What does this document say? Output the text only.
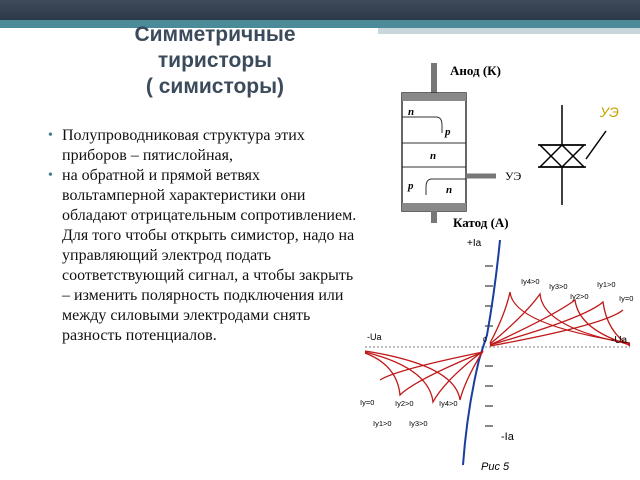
Симметричные
тиристоры
( симисторы)
• Полупроводниковая структура этих приборов – пятислойная,
• на обратной и прямой ветвях вольтамперной характеристики они обладают отрицательным сопротивлением. Для того чтобы открыть симистор, надо на управляющий электрод подать соответствующий сигнал, а чтобы закрыть – изменить полярность подключения или между силовыми электродами снять разность потенциалов.
Анод (К)
n
p
n
p	n
УЭ
Катод (А)
УЭ
+Ia
-Ia
-Ua
-Ua	0
Рис 5
Iy4>0
Iy3>0
Iy2>0
Iy1>0
Iy=0
Iy=0	Iy2>0	Iy4>0
Iy1>0 Iy3>0
